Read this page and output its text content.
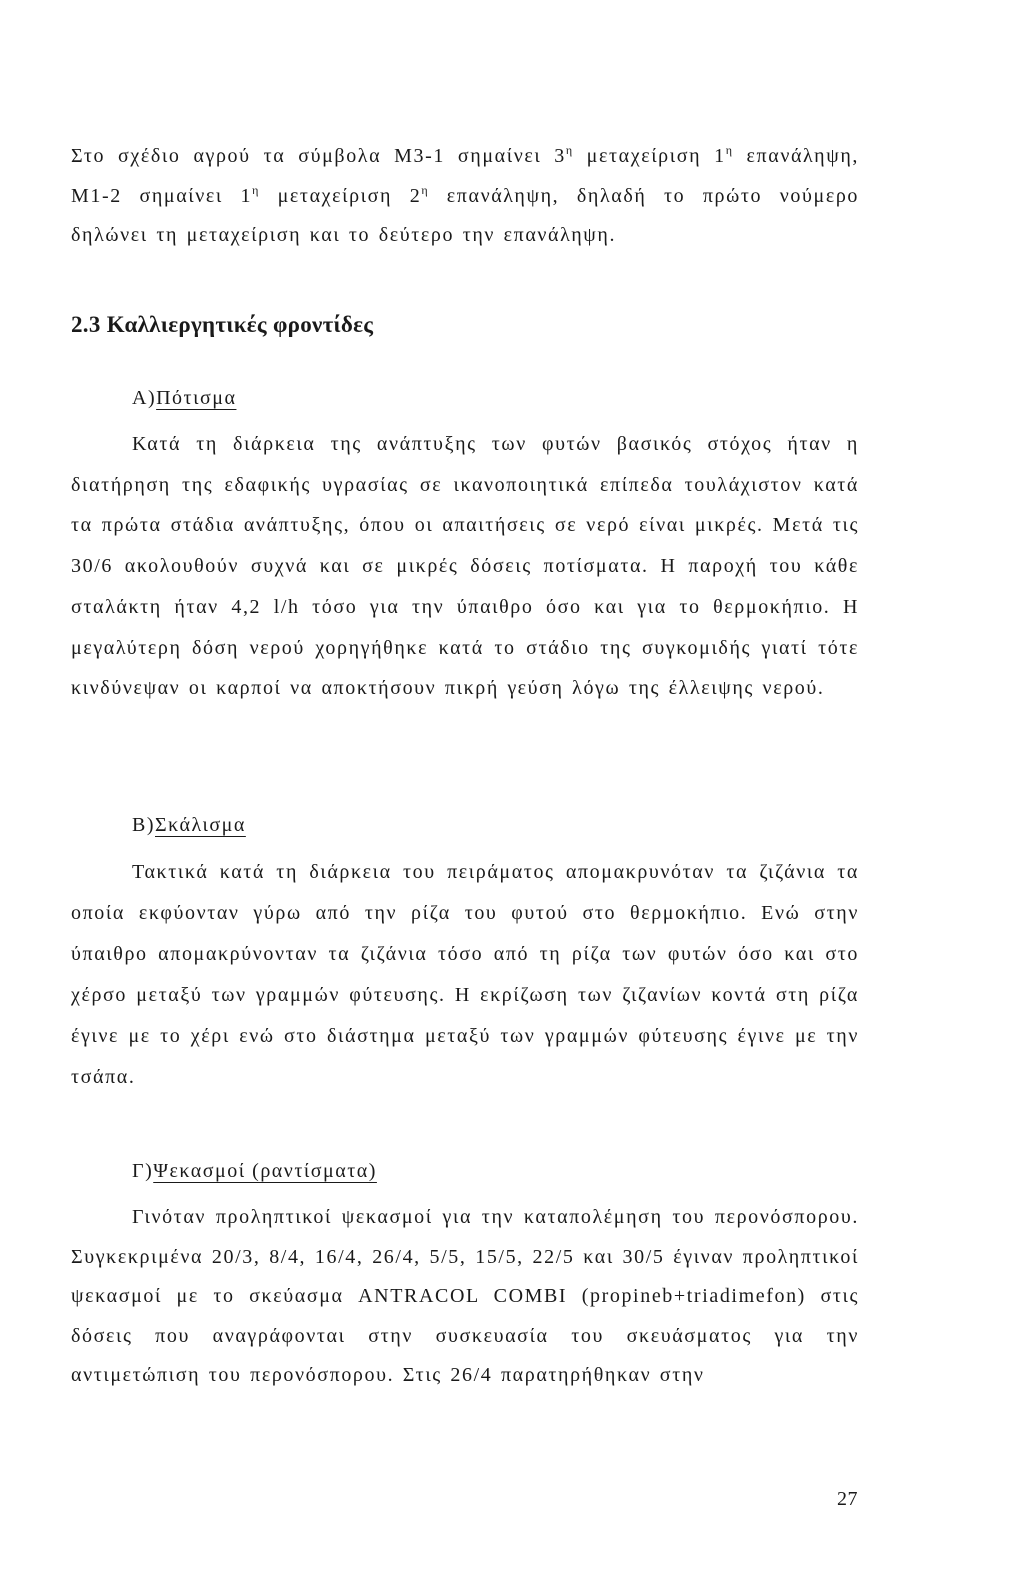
Στο σχέδιο αγρού τα σύμβολα Μ3-1 σημαίνει $3^\eta$ μεταχείριση $1^\eta$ επανάληψη, Μ1-2 σημαίνει $1^\eta$ μεταχείριση $2^\eta$ επανάληψη, δηλαδή το πρώτο νούμερο δηλώνει τη μεταχείριση και το δεύτερο την επανάληψη.

2.3 Καλλιεργητικές φροντίδες
Α)Πότισμα

Κατά τη διάρκεια της ανάπτυξης των φυτών βασικός στόχος ήταν η διατήρηση της εδαφικής υγρασίας σε ικανοποιητικά επίπεδα τουλάχιστον κατά τα πρώτα στάδια ανάπτυξης, όπου οι απαιτήσεις σε νερό είναι μικρές. Μετά τις 30/6 ακολουθούν συχνά και σε μικρές δόσεις ποτίσματα. Η παροχή του κάθε σταλάκτη ήταν 4,2 l/h τόσο για την ύπαιθρο όσο και για το θερμοκήπιο. Η μεγαλύτερη δόση νερού χορηγήθηκε κατά το στάδιο της συγκομιδής γιατί τότε κινδύνεψαν οι καρποί να αποκτήσουν πικρή γεύση λόγω της έλλειψης νερού.

Β)Σκάλισμα

Τακτικά κατά τη διάρκεια του πειράματος απομακρυνόταν τα ζιζάνια τα οποία εκφύονταν γύρω από την ρίζα του φυτού στο θερμοκήπιο. Ενώ στην ύπαιθρο απομακρύνονταν τα ζιζάνια τόσο από τη ρίζα των φυτών όσο και στο χέρσο μεταξύ των γραμμών φύτευσης. Η εκρίζωση των ζιζανίων κοντά στη ρίζα έγινε με το χέρι ενώ στο διάστημα μεταξύ των γραμμών φύτευσης έγινε με την τσάπα.

Γ)Ψεκασμοί (ραντίσματα)

Γινόταν προληπτικοί ψεκασμοί για την καταπολέμηση του περονόσπορου. Συγκεκριμένα 20/3, 8/4, 16/4, 26/4, 5/5, 15/5, 22/5 και 30/5 έγιναν προληπτικοί ψεκασμοί με το σκεύασμα ANTRACOL COMBI (propineb+triadimefon) στις δόσεις που αναγράφονται στην συσκευασία του σκευάσματος για την αντιμετώπιση του περονόσπορου. Στις 26/4 παρατηρήθηκαν στην

27
